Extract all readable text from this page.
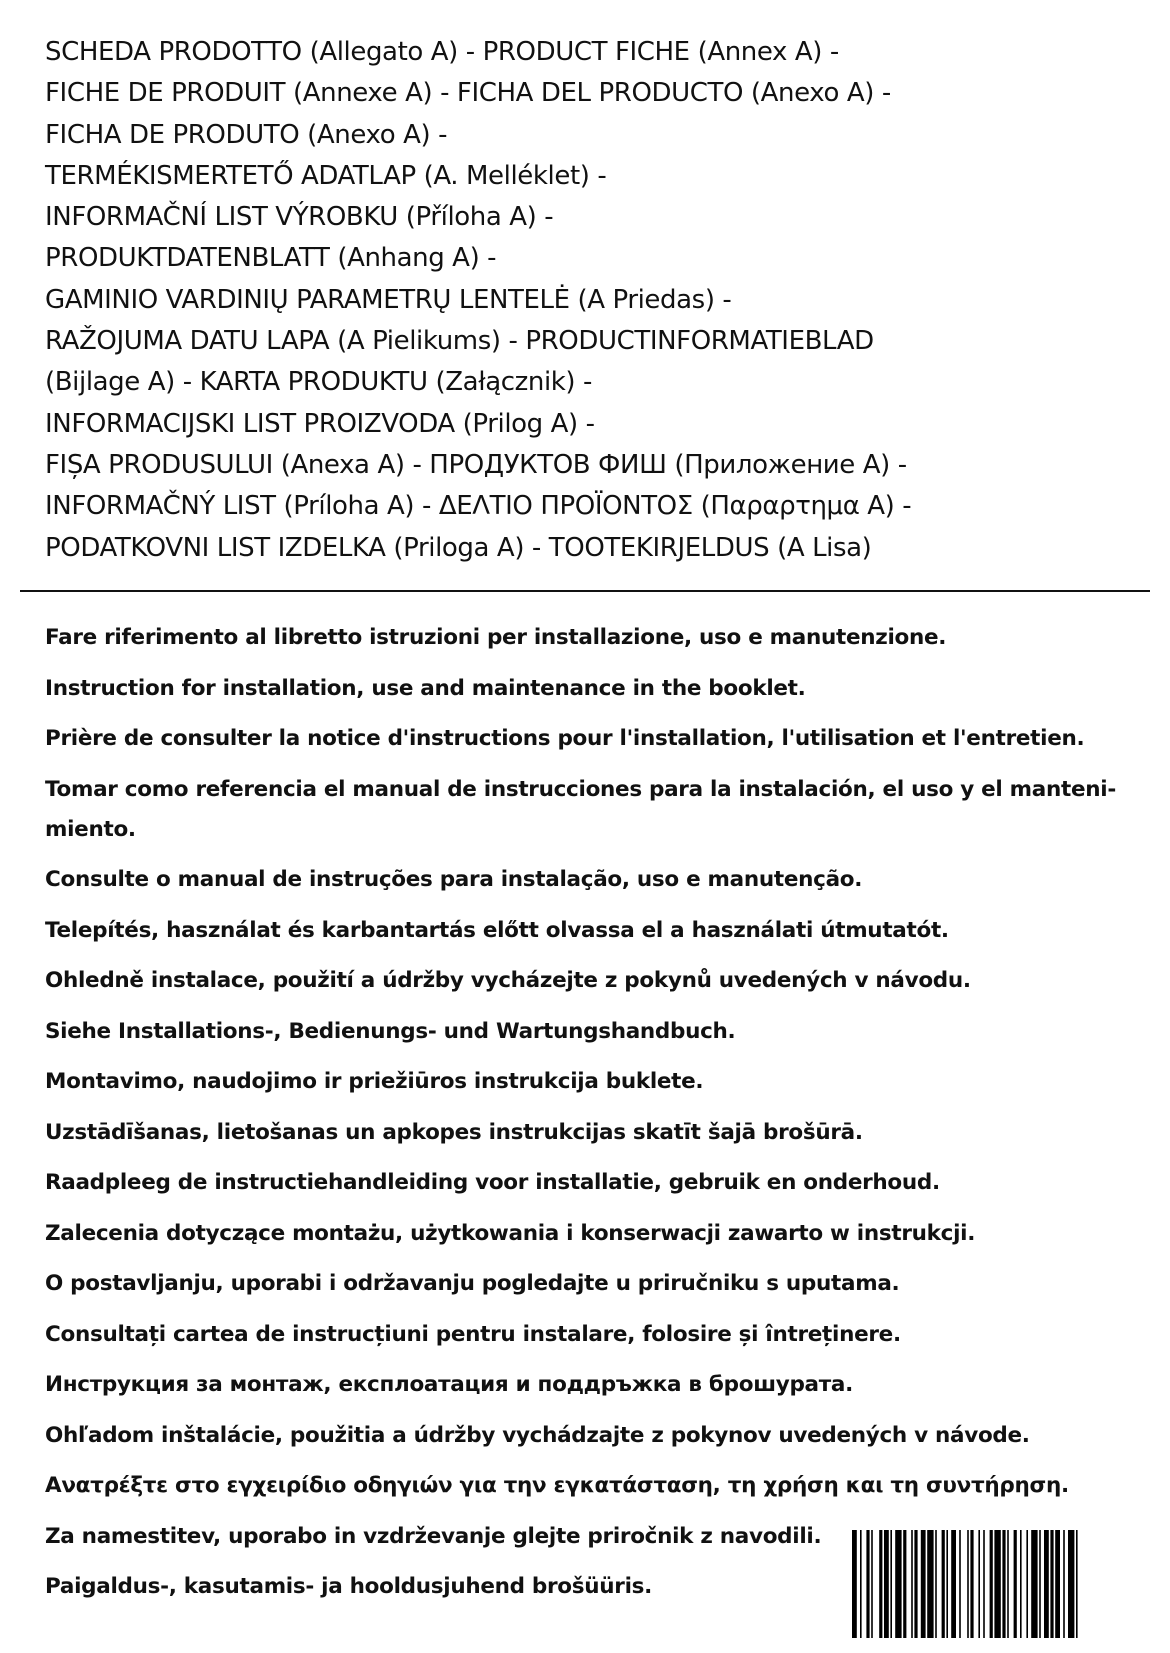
SCHEDA PRODOTTO (Allegato A) - PRODUCT FICHE (Annex A) -
FICHE DE PRODUIT (Annexe A) - FICHA DEL PRODUCTO (Anexo A) -
FICHA DE PRODUTO (Anexo A) -
TERMÉKISMERTETŐ ADATLAP (A. Melléklet) -
INFORMAČNÍ LIST VÝROBKU (Příloha A) -
PRODUKTDATENBLATT (Anhang A) -
GAMINIO VARDINIŲ PARAMETRŲ LENTELĖ (A Priedas) -
RAŽOJUMA DATU LAPA (A Pielikums) - PRODUCTINFORMATIEBLAD
(Bijlage A) - KARTA PRODUKTU (Załącznik) -
INFORMACIJSKI LIST PROIZVODA (Prilog A) -
FIȘA PRODUSULUI (Anexa A) - ПРОДУКТОВ ФИШ (Приложение A) -
INFORMAČNÝ LIST (Príloha A) - ΔΕΛΤΙΟ ΠΡΟΪΟΝΤΟΣ (Παραρτημα A) -
PODATKOVNI LIST IZDELKA (Priloga A) - TOOTEKIRJELDUS (A Lisa)
Fare riferimento al libretto istruzioni per installazione, uso e manutenzione.
Instruction for installation, use and maintenance in the booklet.
Prière de consulter la notice d'instructions pour l'installation, l'utilisation et l'entretien.
Tomar como referencia el manual de instrucciones para la instalación, el uso y el manteni-miento.
Consulte o manual de instruções para instalação, uso e manutenção.
Telepítés, használat és karbantartás előtt olvassa el a használati útmutatót.
Ohledně instalace, použití a údržby vycházejte z pokynů uvedených v návodu.
Siehe Installations-, Bedienungs- und Wartungshandbuch.
Montavimo, naudojimo ir priežiūros instrukcija buklete.
Uzstādīšanas, lietošanas un apkopes instrukcijas skatīt šajā brošūrā.
Raadpleeg de instructiehandleiding voor installatie, gebruik en onderhoud.
Zalecenia dotyczące montażu, użytkowania i konserwacji zawarto w instrukcji.
O postavljanju, uporabi i održavanju pogledajte u priručniku s uputama.
Consultați cartea de instrucțiuni pentru instalare, folosire și întreținere.
Инструкция за монтаж, експлоатация и поддръжка в брошурата.
Ohľadom inštalácie, použitia a údržby vychádzajte z pokynov uvedených v návode.
Ανατρέξτε στο εγχειρίδιο οδηγιών για την εγκατάσταση, τη χρήση και τη συντήρηση.
Za namestitev, uporabo in vzdrževanje glejte priročnik z navodili.
Paigaldus-, kasutamis- ja hooldusjuhend brošüüris.
